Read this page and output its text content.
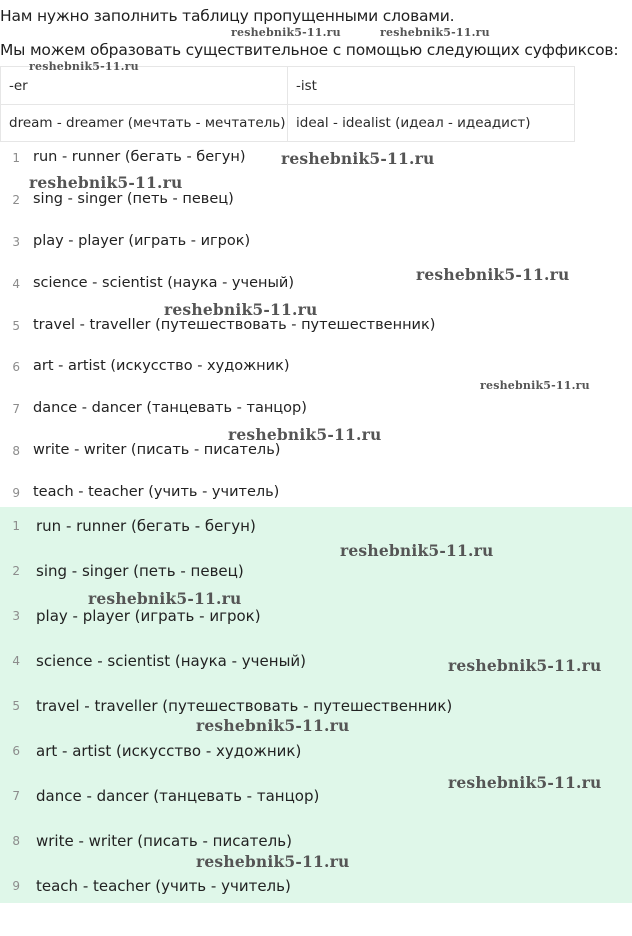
Нам нужно заполнить таблицу пропущенными словами.
Мы можем образовать существительное с помощью следующих суффиксов:
-er	-ist
dream - dreamer (мечтать - мечтатель)	ideal - idealist (идеал - идеадист)
1 run - runner (бегать - бегун)
2 sing - singer (петь - певец)
3 play - player (играть - игрок)
4 science - scientist (наука - ученый)
5 travel - traveller (путешествовать - путешественник)
6 art - artist (искусство - художник)
7 dance - dancer (танцевать - танцор)
8 write - writer (писать - писатель)
9 teach - teacher (учить - учитель)
1 run - runner (бегать - бегун)
2 sing - singer (петь - певец)
3 play - player (играть - игрок)
4 science - scientist (наука - ученый)
5 travel - traveller (путешествовать - путешественник)
6 art - artist (искусство - художник)
7 dance - dancer (танцевать - танцор)
8 write - writer (писать - писатель)
9 teach - teacher (учить - учитель)
reshebnik5-11.ru	reshebnik5-11.ru
reshebnik5-11.ru
reshebnik5-11.ru
reshebnik5-11.ru
reshebnik5-11.ru
reshebnik5-11.ru
reshebnik5-11.ru
reshebnik5-11.ru
reshebnik5-11.ru
reshebnik5-11.ru
reshebnik5-11.ru
reshebnik5-11.ru
reshebnik5-11.ru
reshebnik5-11.ru
